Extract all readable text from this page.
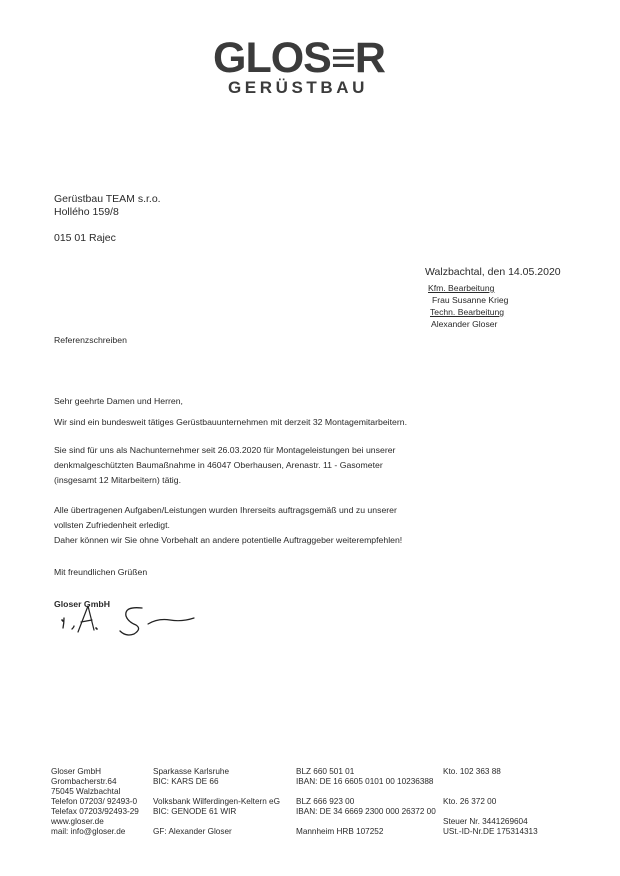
GLOS≡R
GERÜSTBAU
Gerüstbau TEAM s.r.o.
Hollého 159/8
015 01 Rajec
Walzbachtal, den 14.05.2020
Kfm. Bearbeitung
Frau Susanne Krieg
Techn. Bearbeitung
Alexander Gloser
Referenzschreiben
Sehr geehrte Damen und Herren,
Wir sind ein bundesweit tätiges Gerüstbauunternehmen mit derzeit 32 Montagemitarbeitern.
Sie sind für uns als Nachunternehmer seit 26.03.2020 für Montageleistungen bei unserer
denkmalgeschützten Baumaßnahme in 46047 Oberhausen, Arenastr. 11 - Gasometer
(insgesamt 12 Mitarbeitern) tätig.
Alle übertragenen Aufgaben/Leistungen wurden Ihrerseits auftragsgemäß und zu unserer
vollsten Zufriedenheit erledigt.
Daher können wir Sie ohne Vorbehalt an andere potentielle Auftraggeber weiterempfehlen!
Mit freundlichen Grüßen
Gloser GmbH
Gloser GmbH
Grombacherstr.64
75045 Walzbachtal
Telefon 07203/ 92493-0
Telefax 07203/92493-29
www.gloser.de
mail: info@gloser.de
Sparkasse Karlsruhe
BIC: KARS DE 66
Volksbank Wilferdingen-Keltern eG
BIC: GENODE 61 WIR
GF: Alexander Gloser
BLZ 660 501 01
IBAN: DE 16 6605 0101 00 10236388
BLZ 666 923 00
IBAN: DE 34 6669 2300 000 26372 00
Mannheim HRB 107252
Kto. 102 363 88
Kto. 26 372 00
Steuer Nr. 3441269604
USt.-ID-Nr.DE 175314313
